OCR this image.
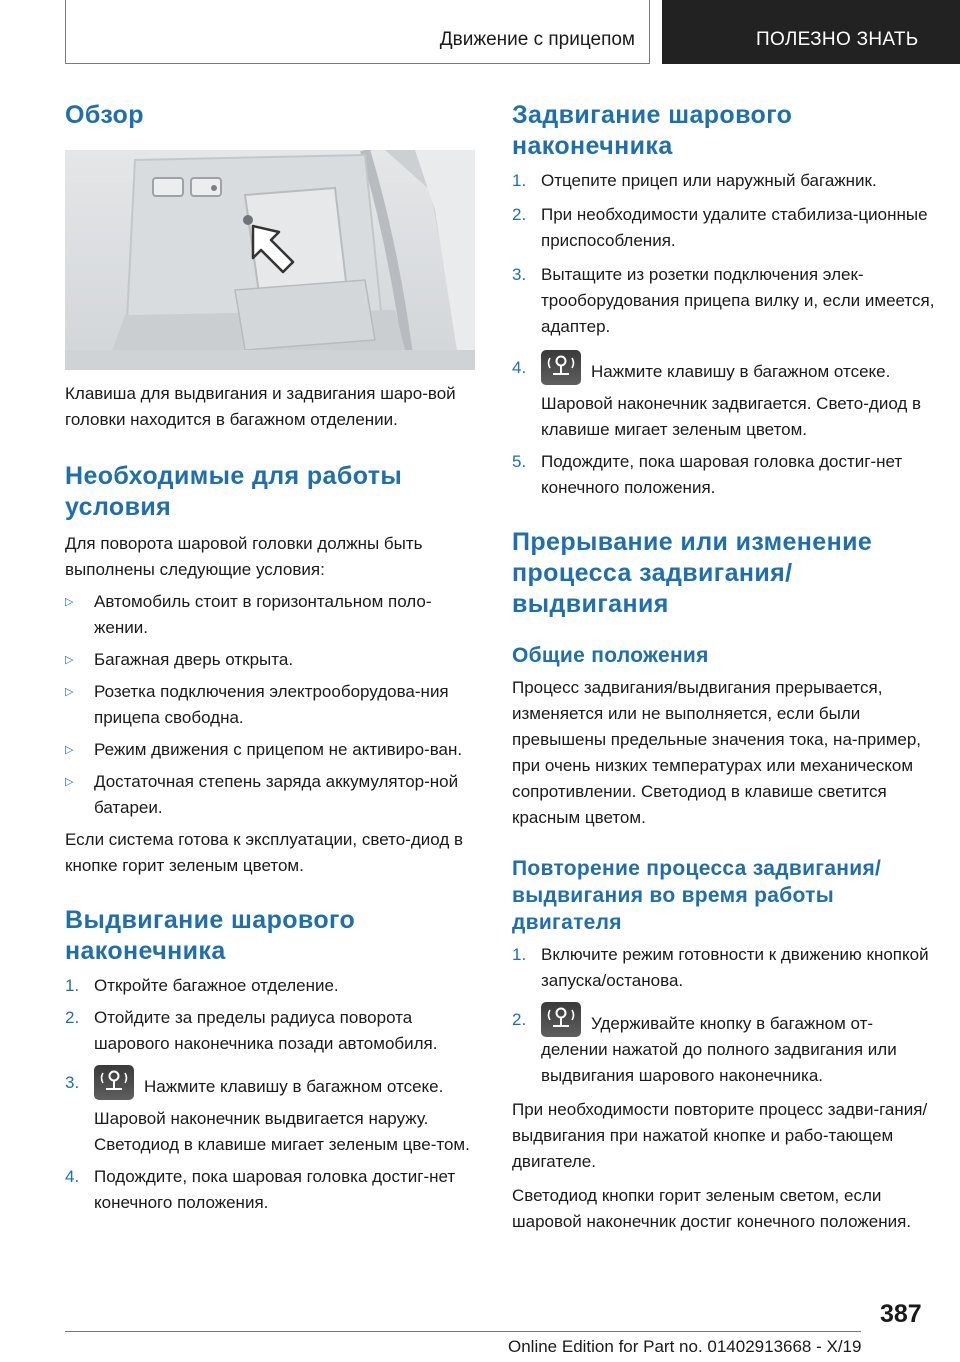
Движение с прицепом	ПОЛЕЗНО ЗНАТЬ
Обзор

Клавиша для выдвигания и задвигания шаро-вой головки находится в багажном отделении.

Необходимые для работы условия

Для поворота шаровой головки должны быть выполнены следующие условия:

▷ Автомобиль стоит в горизонтальном поло-жении.
▷ Багажная дверь открыта.
▷ Розетка подключения электрооборудова-ния прицепа свободна.
▷ Режим движения с прицепом не активиро-ван.
▷ Достаточная степень заряда аккумулятор-ной батареи.

Если система готова к эксплуатации, свето-диод в кнопке горит зеленым цветом.

Выдвигание шарового наконечника
1. Откройте багажное отделение.
2. Отойдите за пределы радиуса поворота шарового наконечника позади автомобиля.
3.	Нажмите клавишу в багажном отсеке.
Шаровой наконечник выдвигается наружу. Светодиод в клавише мигает зеленым цве-том.
4. Подождите, пока шаровая головка достиг-нет конечного положения.
Задвигание шарового наконечника
1. Отцепите прицеп или наружный багажник.
2. При необходимости удалите стабилиза-ционные приспособления.
3. Вытащите из розетки подключения элек-трооборудования прицепа вилку и, если имеется, адаптер.
4.	Нажмите клавишу в багажном отсеке.
Шаровой наконечник задвигается. Свето-диод в клавише мигает зеленым цветом.
5. Подождите, пока шаровая головка достиг-нет конечного положения.
Прерывание или изменение процесса задвигания/выдвигания
Общие положения

Процесс задвигания/выдвигания прерывается, изменяется или не выполняется, если были превышены предельные значения тока, на-пример, при очень низких температурах или механическом сопротивлении. Светодиод в клавише светится красным цветом.

Повторение процесса задвигания/выдвигания во время работы двигателя
1. Включите режим готовности к движению кнопкой запуска/останова.
2.	Удерживайте кнопку в багажном от-делении нажатой до полного задвигания или выдвигания шарового наконечника.

При необходимости повторите процесс задви-гания/выдвигания при нажатой кнопке и рабо-тающем двигателе.

Светодиод кнопки горит зеленым светом, если шаровой наконечник достиг конечного положения.

387
Online Edition for Part no. 01402913668 - X/19
